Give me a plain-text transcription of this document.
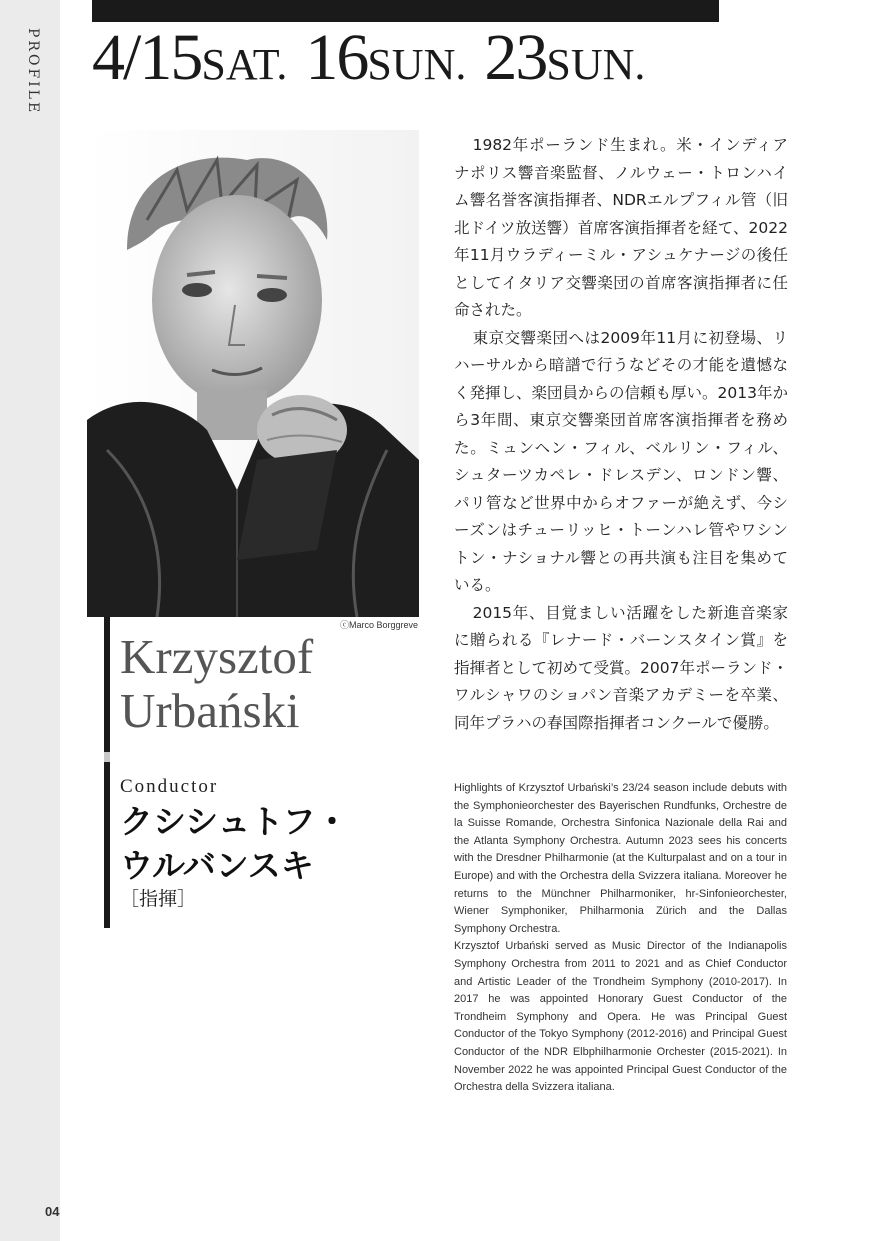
PROFILE
04
4/15SAT. 16SUN. 23SUN.
ⓒMarco Borggreve
Krzysztof
Urbański
Conductor
クシシュトフ・
ウルバンスキ
［指揮］

1982年ポーランド生まれ。米・インディアナポリス響音楽監督、ノルウェー・トロンハイム響名誉客演指揮者、NDRエルプフィル管（旧北ドイツ放送響）首席客演指揮者を経て、2022年11月ウラディーミル・アシュケナージの後任としてイタリア交響楽団の首席客演指揮者に任命された。

東京交響楽団へは2009年11月に初登場、リハーサルから暗譜で行うなどその才能を遺憾なく発揮し、楽団員からの信頼も厚い。2013年から3年間、東京交響楽団首席客演指揮者を務めた。ミュンヘン・フィル、ベルリン・フィル、シュターツカペレ・ドレスデン、ロンドン響、パリ管など世界中からオファーが絶えず、今シーズンはチューリッヒ・トーンハレ管やワシントン・ナショナル響との再共演も注目を集めている。

2015年、目覚ましい活躍をした新進音楽家に贈られる『レナード・バーンスタイン賞』を指揮者として初めて受賞。2007年ポーランド・ワルシャワのショパン音楽アカデミーを卒業、同年プラハの春国際指揮者コンクールで優勝。

Highlights of Krzysztof Urbański’s 23/24 season include debuts with the Symphonieorchester des Bayerischen Rundfunks, Orchestre de la Suisse Romande, Orchestra Sinfonica Nazionale della Rai and the Atlanta Symphony Orchestra. Autumn 2023 sees his concerts with the Dresdner Philharmonie (at the Kulturpalast and on a tour in Europe) and with the Orchestra della Svizzera italiana. Moreover he returns to the Münchner Philharmoniker, hr-Sinfonieorchester, Wiener Symphoniker, Philharmonia Zürich and the Dallas Symphony Orchestra.

Krzysztof Urbański served as Music Director of the Indianapolis Symphony Orchestra from 2011 to 2021 and as Chief Conductor and Artistic Leader of the Trondheim Symphony (2010-2017). In 2017 he was appointed Honorary Guest Conductor of the Trondheim Symphony and Opera. He was Principal Guest Conductor of the Tokyo Symphony (2012-2016) and Principal Guest Conductor of the NDR Elbphilharmonie Orchester (2015-2021). In November 2022 he was appointed Principal Guest Conductor of the Orchestra della Svizzera italiana.
